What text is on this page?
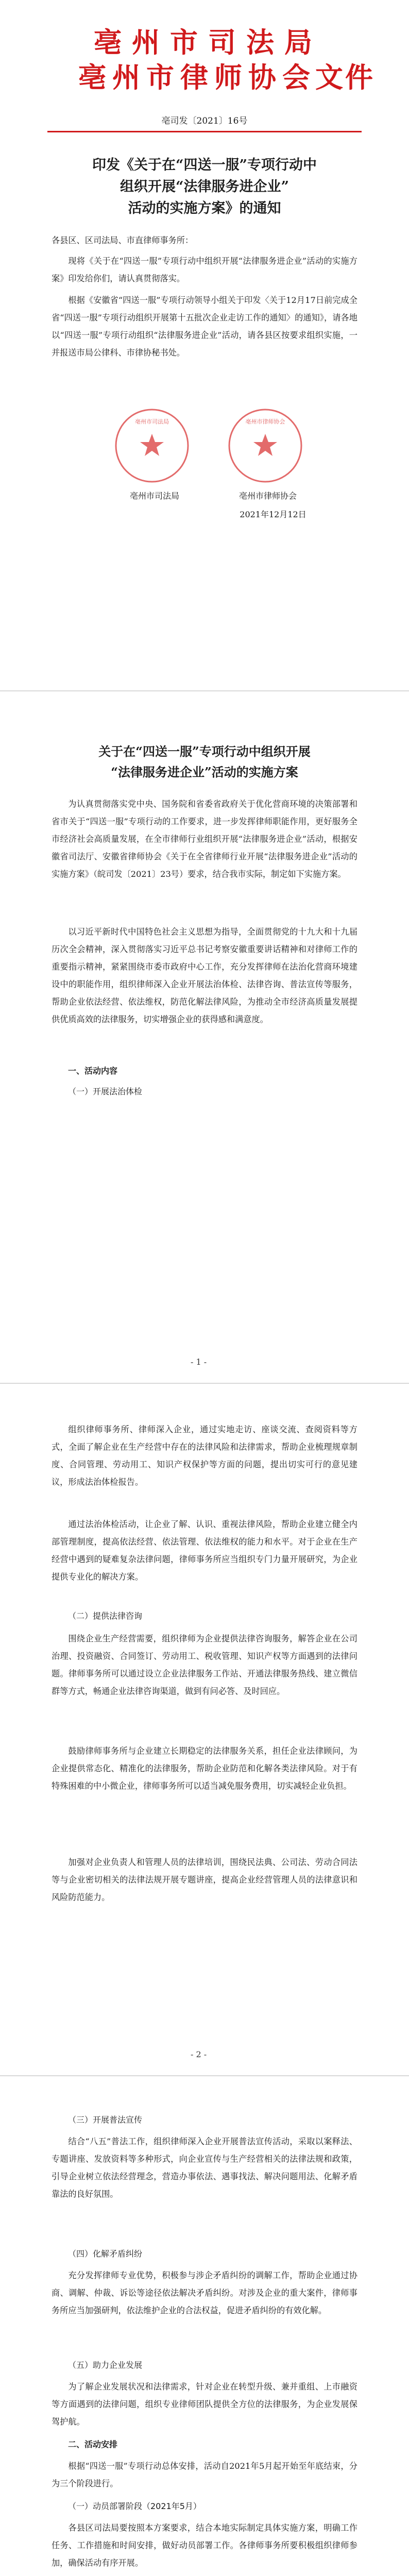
亳州市司法局
亳州市律师协会
文件
亳司发〔2021〕16号
印发《关于在“四送一服”专项行动中
组织开展“法律服务进企业”
活动的实施方案》的通知

各县区、区司法局、市直律师事务所：

现将《关于在“四送一服”专项行动中组织开展“法律服务进企业”活动的实施方案》印发给你们，请认真贯彻落实。

根据《安徽省“四送一服”专项行动领导小组关于印发〈关于12月17日前完成全省“四送一服”专项行动组织开展第十五批次企业走访工作的通知〉的通知》，请各地以“四送一服”专项行动组织“法律服务进企业”活动，请各县区按要求组织实施，一并报送市局公律科、市律协秘书处。

亳州市司法局	亳州市律师协会
亳州市司法局	亳州市律师协会
2021年12月12日
关于在“四送一服”专项行动中组织开展
“法律服务进企业”活动的实施方案

为认真贯彻落实党中央、国务院和省委省政府关于优化营商环境的决策部署和省市关于“四送一服”专项行动的工作要求，进一步发挥律师职能作用，更好服务全市经济社会高质量发展，在全市律师行业组织开展“法律服务进企业”活动，根据安徽省司法厅、安徽省律师协会《关于在全省律师行业开展“法律服务进企业”活动的实施方案》（皖司发〔2021〕23号）要求，结合我市实际，制定如下实施方案。

以习近平新时代中国特色社会主义思想为指导，全面贯彻党的十九大和十九届历次全会精神，深入贯彻落实习近平总书记考察安徽重要讲话精神和对律师工作的重要指示精神，紧紧围绕市委市政府中心工作，充分发挥律师在法治化营商环境建设中的职能作用，组织律师深入企业开展法治体检、法律咨询、普法宣传等服务，帮助企业依法经营、依法维权，防范化解法律风险，为推动全市经济高质量发展提供优质高效的法律服务，切实增强企业的获得感和满意度。

一、活动内容

（一）开展法治体检

- 1 -

组织律师事务所、律师深入企业，通过实地走访、座谈交流、查阅资料等方式，全面了解企业在生产经营中存在的法律风险和法律需求，帮助企业梳理规章制度、合同管理、劳动用工、知识产权保护等方面的问题，提出切实可行的意见建议，形成法治体检报告。

通过法治体检活动，让企业了解、认识、重视法律风险，帮助企业建立健全内部管理制度，提高依法经营、依法管理、依法维权的能力和水平。对于企业在生产经营中遇到的疑难复杂法律问题，律师事务所应当组织专门力量开展研究，为企业提供专业化的解决方案。

（二）提供法律咨询

围绕企业生产经营需要，组织律师为企业提供法律咨询服务，解答企业在公司治理、投资融资、合同签订、劳动用工、税收管理、知识产权等方面遇到的法律问题。律师事务所可以通过设立企业法律服务工作站、开通法律服务热线、建立微信群等方式，畅通企业法律咨询渠道，做到有问必答、及时回应。

鼓励律师事务所与企业建立长期稳定的法律服务关系，担任企业法律顾问，为企业提供常态化、精准化的法律服务，帮助企业防范和化解各类法律风险。对于有特殊困难的中小微企业，律师事务所可以适当减免服务费用，切实减轻企业负担。

加强对企业负责人和管理人员的法律培训，围绕民法典、公司法、劳动合同法等与企业密切相关的法律法规开展专题讲座，提高企业经营管理人员的法律意识和风险防范能力。

- 2 -

（三）开展普法宣传

结合“八五”普法工作，组织律师深入企业开展普法宣传活动，采取以案释法、专题讲座、发放资料等多种形式，向企业宣传与生产经营相关的法律法规和政策，引导企业树立依法经营理念，营造办事依法、遇事找法、解决问题用法、化解矛盾靠法的良好氛围。

（四）化解矛盾纠纷

充分发挥律师专业优势，积极参与涉企矛盾纠纷的调解工作，帮助企业通过协商、调解、仲裁、诉讼等途径依法解决矛盾纠纷。对涉及企业的重大案件，律师事务所应当加强研判，依法维护企业的合法权益，促进矛盾纠纷的有效化解。

（五）助力企业发展

为了解企业发展状况和法律需求，针对企业在转型升级、兼并重组、上市融资等方面遇到的法律问题，组织专业律师团队提供全方位的法律服务，为企业发展保驾护航。

二、活动安排

根据“四送一服”专项行动总体安排，活动自2021年5月起开始至年底结束，分为三个阶段进行。

（一）动员部署阶段（2021年5月）

各县区司法局要按照本方案要求，结合本地实际制定具体实施方案，明确工作任务、工作措施和时间安排，做好动员部署工作。各律师事务所要积极组织律师参加，确保活动有序开展。
